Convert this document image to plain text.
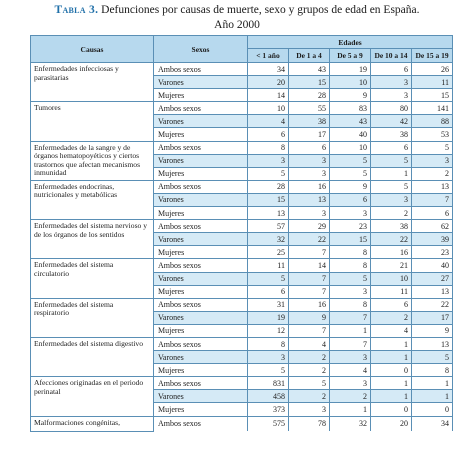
Tabla 3. Defunciones por causas de muerte, sexo y grupos de edad en España.
Año 2000
Causas	Sexos	Edades				
		< 1 año	De 1 a 4	De 5 a 9	De 10 a 14	De 15 a 19
Enfermedades infecciosas y parasitarias	Ambos sexos	34	43	19	6	26
	Varones	20	15	10	3	11
	Mujeres	14	28	9	3	15
Tumores	Ambos sexos	10	55	83	80	141
	Varones	4	38	43	42	88
	Mujeres	6	17	40	38	53
Enfermedades de la sangre y de órganos hematopoyéticos y ciertos trastornos que afectan mecanismos inmunidad	Ambos sexos	8	6	10	6	5
	Varones	3	3	5	5	3
	Mujeres	5	3	5	1	2
Enfermedades endocrinas, nutricionales y metabólicas	Ambos sexos	28	16	9	5	13
	Varones	15	13	6	3	7
	Mujeres	13	3	3	2	6
Enfermedades del sistema nervioso y de los órganos de los sentidos	Ambos sexos	57	29	23	38	62
	Varones	32	22	15	22	39
	Mujeres	25	7	8	16	23
Enfermedades del sistema circulatorio	Ambos sexos	11	14	8	21	40
	Varones	5	7	5	10	27
	Mujeres	6	7	3	11	13
Enfermedades del sistema respiratorio	Ambos sexos	31	16	8	6	22
	Varones	19	9	7	2	17
	Mujeres	12	7	1	4	9
Enfermedades del sistema digestivo	Ambos sexos	8	4	7	1	13
	Varones	3	2	3	1	5
	Mujeres	5	2	4	0	8
Afecciones originadas en el periodo perinatal	Ambos sexos	831	5	3	1	1
	Varones	458	2	2	1	1
	Mujeres	373	3	1	0	0
Malformaciones congénitas,	Ambos sexos	575	78	32	20	34
